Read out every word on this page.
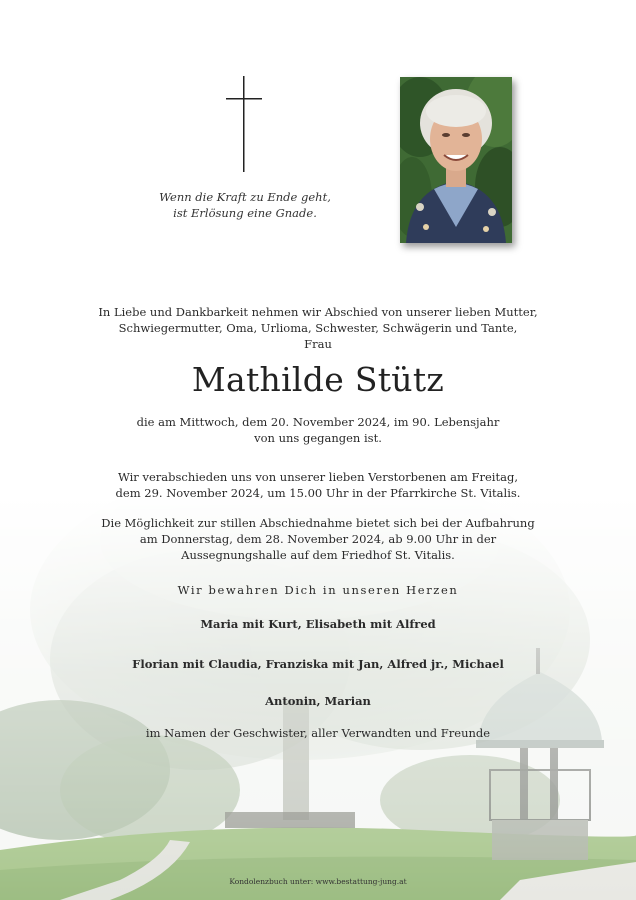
Wenn die Kraft zu Ende geht,
ist Erlösung eine Gnade.
In Liebe und Dankbarkeit nehmen wir Abschied von unserer lieben Mutter,
Schwiegermutter, Oma, Urlioma, Schwester, Schwägerin und Tante,
Frau
Mathilde Stütz
die am Mittwoch, dem 20. November 2024, im 90. Lebensjahr
von uns gegangen ist.
Wir verabschieden uns von unserer lieben Verstorbenen am Freitag,
dem 29. November 2024, um 15.00 Uhr in der Pfarrkirche St. Vitalis.
Die Möglichkeit zur stillen Abschiednahme bietet sich bei der Aufbahrung
am Donnerstag, dem 28. November 2024, ab 9.00 Uhr in der
Aussegnungshalle auf dem Friedhof St. Vitalis.
Wir bewahren Dich in unseren Herzen
Maria mit Kurt, Elisabeth mit Alfred
Florian mit Claudia, Franziska mit Jan, Alfred jr., Michael
Antonin, Marian
im Namen der Geschwister, aller Verwandten und Freunde
Kondolenzbuch unter: www.bestattung-jung.at
